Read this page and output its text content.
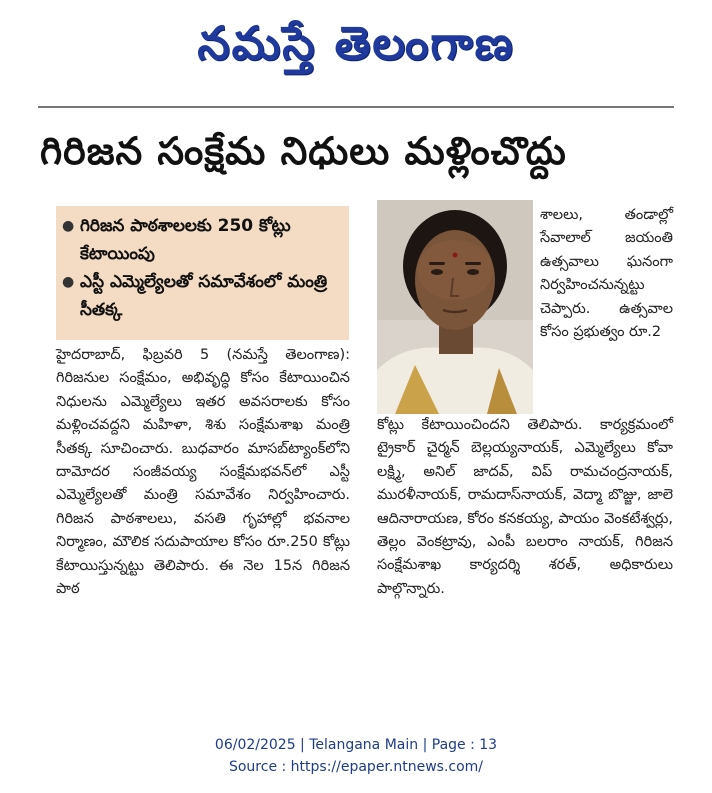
నమస్తే తెలంగాణ
గిరిజన సంక్షేమ నిధులు మళ్లించొద్దు
● గిరిజన పాఠశాలలకు 250 కోట్లు కేటాయింపు
● ఎస్టీ ఎమ్మెల్యేలతో సమావేశంలో మంత్రి సీతక్క

హైదరాబాద్, ఫిబ్రవరి 5 (నమస్తే తెలంగాణ): గిరిజనుల సంక్షేమం, అభివృద్ధి కోసం కేటాయించిన నిధులను ఎమ్మెల్యేలు ఇతర అవసరాలకు కోసం మళ్లించవద్దని మహిళా, శిశు సంక్షేమశాఖ మంత్రి సీతక్క సూచించారు. బుధవారం మాసబ్‌ట్యాంక్‌లోని దామోదర సంజీవయ్య సంక్షేమభవన్‌లో ఎస్టీ ఎమ్మెల్యేలతో మంత్రి సమావేశం నిర్వహించారు. గిరిజన పాఠశాలలు, వసతి గృహాల్లో భవనాల నిర్మాణం, మౌలిక సదుపాయాల కోసం రూ.250 కోట్లు కేటాయిస్తున్నట్టు తెలిపారు. ఈ నెల 15న గిరిజన పాఠ

శాలలు, తండాల్లో సేవాలాల్ జయంతి ఉత్సవాలు ఘనంగా నిర్వహించనున్నట్టు చెప్పారు. ఉత్సవాల కోసం ప్రభుత్వం రూ.2

కోట్లు కేటాయించిందని తెలిపారు. కార్యక్రమంలో ట్రైకార్ చైర్మన్ బెల్లయ్యనాయక్, ఎమ్మెల్యేలు కోవా లక్ష్మి, అనిల్ జాదవ్, విప్ రామచంద్రనాయక్, మురళీనాయక్, రామదాస్‌నాయక్, వెద్మా బొజ్జు, జాలె ఆదినారాయణ, కోరం కనకయ్య, పాయం వెంకటేశ్వర్లు, తెల్లం వెంకట్రావు, ఎంపీ బలరాం నాయక్, గిరిజన సంక్షేమశాఖ కార్యదర్శి శరత్, అధికారులు పాల్గొన్నారు.

06/02/2025 | Telangana Main | Page : 13
Source : https://epaper.ntnews.com/
